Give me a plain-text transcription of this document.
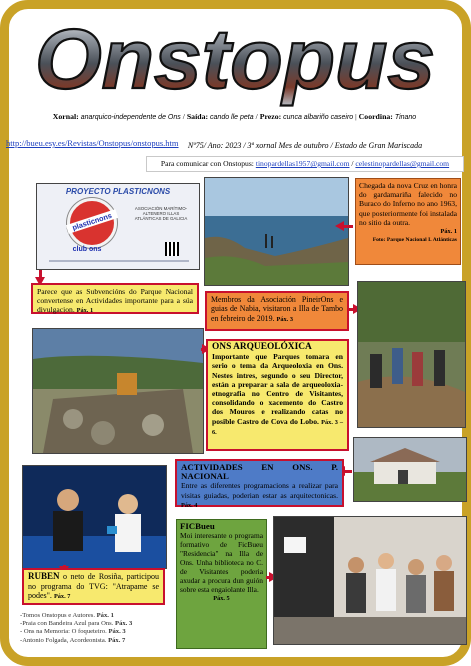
Onstopus
Xornal: anarquico-independente de Ons / Saída: cando lle peta / Prezo: cunca albariño caseiro | Coordina: Tinano
http://bueu.esy.es/Revistas/Onstopus/onstopus.htm	Nº75/ Ano: 2023 / 3ª xornal Mes de outubro / Estado de Gran Mariscada
Para comunicar con Onstopus: tinopardellas1957@gmail.com / celestinopardellas@gmail.com
PROYECTO PLASTICNONS
plasticnons
club ons
ASOCIACIÓN MARÍTIMO-ALTENERO ILLAS ATLÁNTICAS DE GALICIA
Parece que as Subvencións do Parque Nacional convertense en Actividades importante para a súa divulgacion. Páx. 1
Chegada da nova Cruz en honra do gardamariña falecido no Buraco do Inferno no ano 1963, que posteriormente foi instalada no sitio da outra.
Páx. 1
Foto: Parque Nacional I. Atlánticas
Membros da Asociación PineirOns e guias de Nabia, visitaron a Illa de Tambo en febreiro de 2019. Páx. 3
ONS ARQUEOLÓXICA
Importante que Parques tomara en serio o tema da Arqueoloxia en Ons. Nestes intres, segundo o seu Director, están a preparar a sala de arqueoloxia-etnografia no Centro de Visitantes, consolidando o xacemento do Castro dos Mouros e realizando catas no posible Castro de Cova do Lobo. Páx. 3 – 6.
ACTIVIDADES EN ONS. P. NACIONAL
Entre as diferentes programacions a realizar para visitas guiadas, poderian estar as arquitectonicas. Páx. 4
RUBEN o neto de Rosiña, participou no programa do TVG: "Atrapame se podes". Páx. 7
FICBueu
Moi interesante o programa formativo de FicBueu "Residencia" na Illa de Ons. Unha biblioteca no C. de Visitantes poderia axudar a procura dun guión sobre esta engaiolante Illa.
Páx. 5
-Tomos Onstopus e Autores. Páx. 1
-Praia con Bandeira Azul para Ons. Páx. 3
- Ons na Memoria: O foqueteiro. Páx. 3
-Antonio Folgada, Acordeonista. Páx. 7
